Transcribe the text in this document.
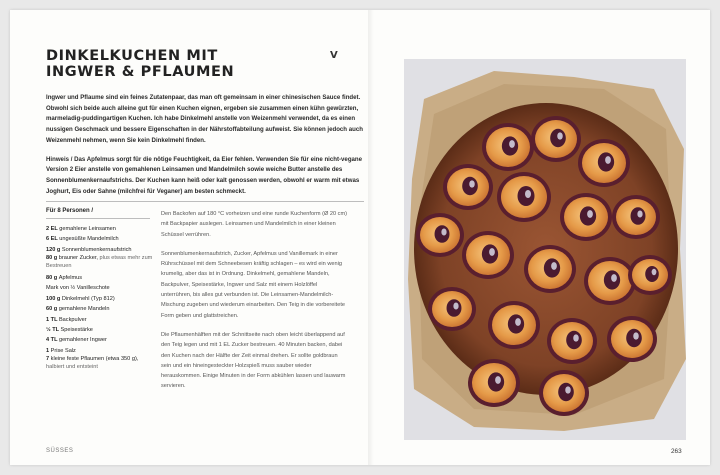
DINKELKUCHEN MIT
INGWER & PFLAUMEN
V

Ingwer und Pflaume sind ein feines Zutatenpaar, das man oft gemeinsam in einer chinesischen Sauce findet. Obwohl sich beide auch alleine gut für einen Kuchen eignen, ergeben sie zusammen einen kühn gewürzten, marmeladig-puddingartigen Kuchen. Ich habe Dinkelmehl anstelle von Weizenmehl verwendet, da es einen nussigen Geschmack und bessere Eigenschaften in der Nährstoffabteilung aufweist. Sie können jedoch auch Weizenmehl nehmen, wenn Sie kein Dinkelmehl finden.

Hinweis / Das Apfelmus sorgt für die nötige Feuchtigkeit, da Eier fehlen. Verwenden Sie für eine nicht-vegane Version 2 Eier anstelle von gemahlenen Leinsamen und Mandelmilch sowie weiche Butter anstelle des Sonnenblumenkernaufstrichs. Der Kuchen kann heiß oder kalt genossen werden, obwohl er warm mit etwas Joghurt, Eis oder Sahne (milchfrei für Veganer) am besten schmeckt.

Für 8 Personen /
2 EL gemahlene Leinsamen
6 EL ungesüßte Mandelmilch
120 g Sonnenblumenkernaufstrich
80 g brauner Zucker, plus etwas mehr zum Bestreuen
80 g Apfelmus
Mark von ½ Vanilleschote
100 g Dinkelmehl (Typ 812)
60 g gemahlene Mandeln
1 TL Backpulver
½ TL Speisestärke
4 TL gemahlener Ingwer
1 Prise Salz
7 kleine feste Pflaumen (etwa 350 g), halbiert und entsteint

Den Backofen auf 180 °C vorheizen und eine runde Kuchenform (Ø 20 cm) mit Backpapier auslegen. Leinsamen und Mandelmilch in einer kleinen Schüssel verrühren.

Sonnenblumenkernaufstrich, Zucker, Apfelmus und Vanillemark in einer Rührschüssel mit dem Schneebesen kräftig schlagen – es wird ein wenig krumelig, aber das ist in Ordnung. Dinkelmehl, gemahlene Mandeln, Backpulver, Speisestärke, Ingwer und Salz mit einem Holzlöffel unterrühren, bis alles gut verbunden ist. Die Leinsamen-Mandelmilch-Mischung zugeben und wiederum einarbeiten. Den Teig in die vorbereitete Form geben und glattstreichen.

Die Pflaumenhälften mit der Schnittseite nach oben leicht überlappend auf den Teig legen und mit 1 EL Zucker bestreuen. 40 Minuten backen, dabei den Kuchen nach der Hälfte der Zeit einmal drehen. Er sollte goldbraun sein und ein hineingesteckter Holzspieß muss sauber wieder herauskommen. Einige Minuten in der Form abkühlen lassen und lauwarm servieren.

SÜSSES	263
